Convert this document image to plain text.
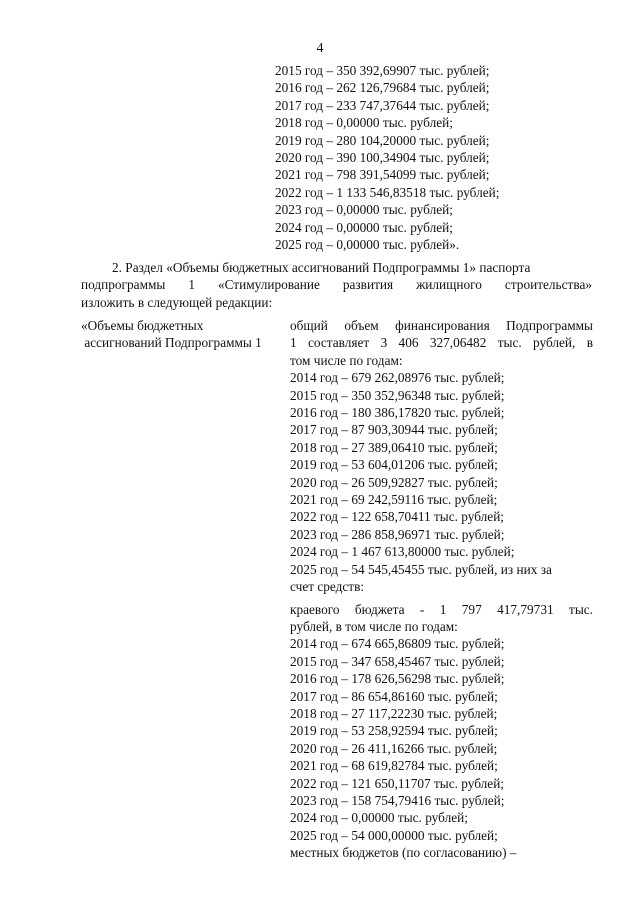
4
2015 год – 350 392,69907 тыс. рублей;
2016 год – 262 126,79684 тыс. рублей;
2017 год – 233 747,37644 тыс. рублей;
2018 год – 0,00000 тыс. рублей;
2019 год – 280 104,20000 тыс. рублей;
2020 год – 390 100,34904 тыс. рублей;
2021 год – 798 391,54099 тыс. рублей;
2022 год – 1 133 546,83518 тыс. рублей;
2023 год – 0,00000 тыс. рублей;
2024 год – 0,00000 тыс. рублей;
2025 год – 0,00000 тыс. рублей».
2. Раздел «Объемы бюджетных ассигнований Подпрограммы 1» паспорта
подпрограммы 1 «Стимулирование развития жилищного строительства»
изложить в следующей редакции:
«Объемы бюджетных
ассигнований Подпрограммы 1
общий объем финансирования Подпрограммы
1 составляет 3 406 327,06482 тыс. рублей, в
том числе по годам:
2014 год – 679 262,08976 тыс. рублей;
2015 год – 350 352,96348 тыс. рублей;
2016 год – 180 386,17820 тыс. рублей;
2017 год – 87 903,30944 тыс. рублей;
2018 год – 27 389,06410 тыс. рублей;
2019 год – 53 604,01206 тыс. рублей;
2020 год – 26 509,92827 тыс. рублей;
2021 год – 69 242,59116 тыс. рублей;
2022 год – 122 658,70411 тыс. рублей;
2023 год – 286 858,96971 тыс. рублей;
2024 год – 1 467 613,80000 тыс. рублей;
2025 год – 54 545,45455 тыс. рублей, из них за
счет средств:
краевого бюджета - 1 797 417,79731 тыс.
рублей, в том числе по годам:
2014 год – 674 665,86809 тыс. рублей;
2015 год – 347 658,45467 тыс. рублей;
2016 год – 178 626,56298 тыс. рублей;
2017 год – 86 654,86160 тыс. рублей;
2018 год – 27 117,22230 тыс. рублей;
2019 год – 53 258,92594 тыс. рублей;
2020 год – 26 411,16266 тыс. рублей;
2021 год – 68 619,82784 тыс. рублей;
2022 год – 121 650,11707 тыс. рублей;
2023 год – 158 754,79416 тыс. рублей;
2024 год – 0,00000 тыс. рублей;
2025 год – 54 000,00000 тыс. рублей;
местных бюджетов (по согласованию) –
